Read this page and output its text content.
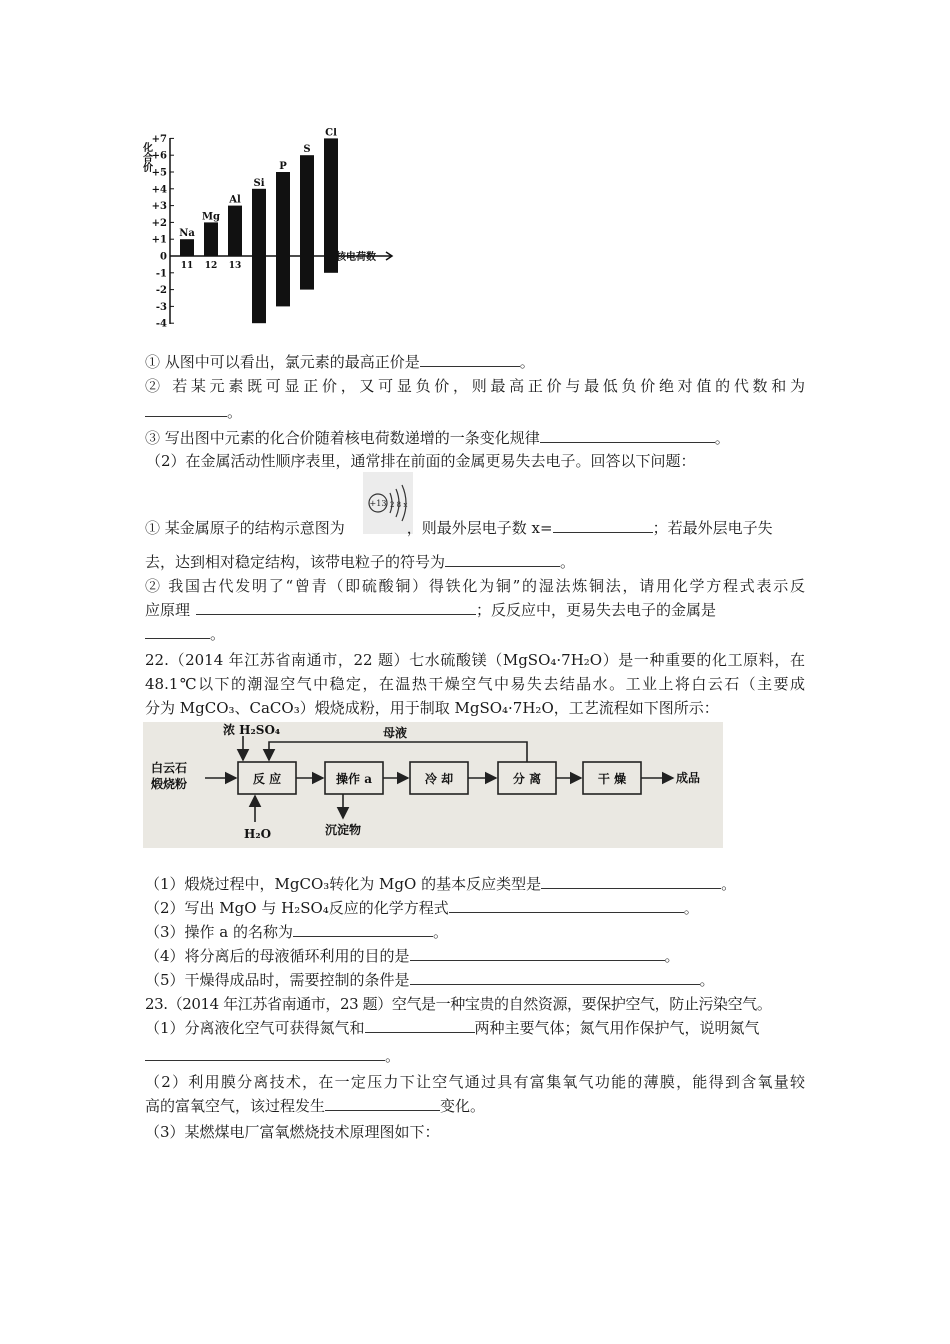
+7
+6
+5
+4
+3
+2
+1
0
-1
-2
-3
-4
Na
Mg
Al
Si
P
S
Cl
11 12 13
化合价
核电荷数
① 从图中可以看出，氯元素的最高正价是	。
② 若某元素既可显正价，又可显负价，则最高正价与最低负价绝对值的代数和为
。
③ 写出图中元素的化合价随着核电荷数递增的一条变化规律	。
（2）在金属活动性顺序表里，通常排在前面的金属更易失去电子。回答以下问题：
+13 2 8 x
① 某金属原子的结构示意图为	，则最外层电子数 x=	；若最外层电子失
去，达到相对稳定结构，该带电粒子的符号为	。
② 我国古代发明了“曾青（即硫酸铜）得铁化为铜”的湿法炼铜法，请用化学方程式表示反
应原理	；反反应中，更易失去电子的金属是
。
22.（2014 年江苏省南通市，22 题）七水硫酸镁（MgSO₄·7H₂O）是一种重要的化工原料，在
48.1℃以下的潮湿空气中稳定，在温热干燥空气中易失去结晶水。工业上将白云石（主要成
分为 MgCO₃、CaCO₃）煅烧成粉，用于制取 MgSO₄·7H₂O，工艺流程如下图所示：
浓 H₂SO₄
白云石
煅烧粉	反 应	操作 a	冷 却	分 离	干 燥	成品
H₂O	沉淀物
母液
（1）煅烧过程中，MgCO₃转化为 MgO 的基本反应类型是	。
（2）写出 MgO 与 H₂SO₄反应的化学方程式	。
（3）操作 a 的名称为	。
（4）将分离后的母液循环利用的目的是	。
（5）干燥得成品时，需要控制的条件是	。
23.（2014 年江苏省南通市，23 题）空气是一种宝贵的自然资源，要保护空气，防止污染空气。
（1）分离液化空气可获得氮气和	两种主要气体；氮气用作保护气，说明氮气
。
（2）利用膜分离技术，在一定压力下让空气通过具有富集氧气功能的薄膜，能得到含氧量较
高的富氧空气，该过程发生	变化。
（3）某燃煤电厂富氧燃烧技术原理图如下：
